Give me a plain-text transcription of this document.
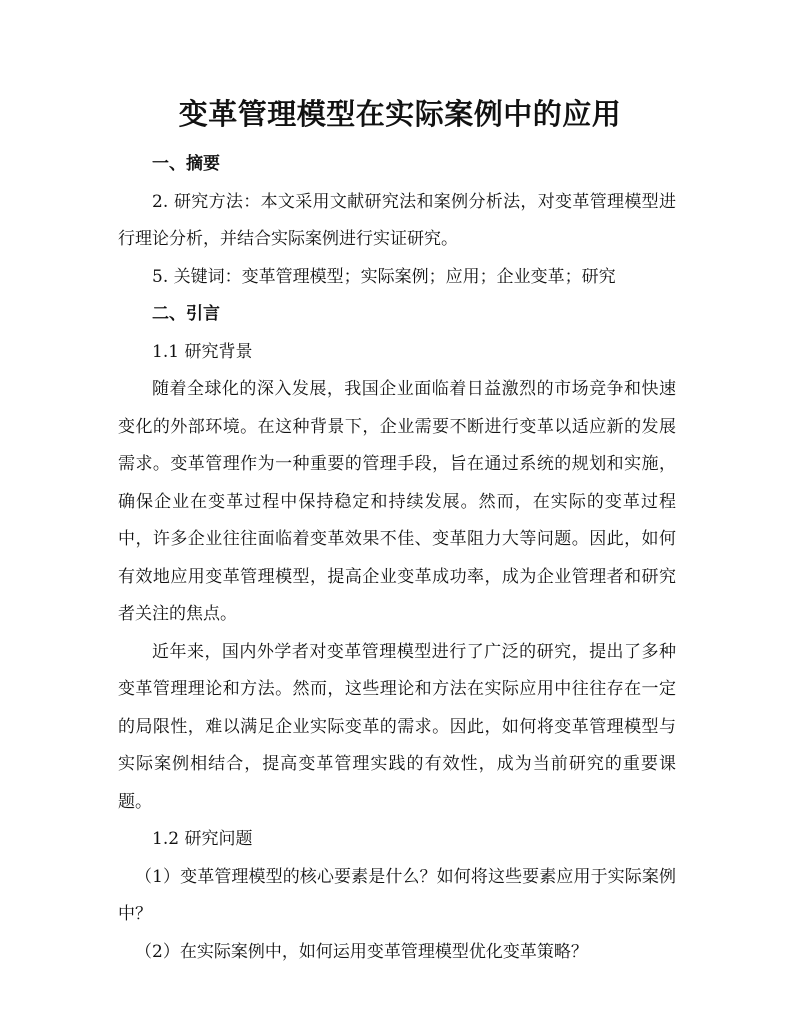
变革管理模型在实际案例中的应用

一、摘要

2. 研究方法：本文采用文献研究法和案例分析法，对变革管理模型进行理论分析，并结合实际案例进行实证研究。

5. 关键词：变革管理模型；实际案例；应用；企业变革；研究

二、引言

1.1 研究背景

随着全球化的深入发展，我国企业面临着日益激烈的市场竞争和快速变化的外部环境。在这种背景下，企业需要不断进行变革以适应新的发展需求。变革管理作为一种重要的管理手段，旨在通过系统的规划和实施，确保企业在变革过程中保持稳定和持续发展。然而，在实际的变革过程中，许多企业往往面临着变革效果不佳、变革阻力大等问题。因此，如何有效地应用变革管理模型，提高企业变革成功率，成为企业管理者和研究者关注的焦点。

近年来，国内外学者对变革管理模型进行了广泛的研究，提出了多种变革管理理论和方法。然而，这些理论和方法在实际应用中往往存在一定的局限性，难以满足企业实际变革的需求。因此，如何将变革管理模型与实际案例相结合，提高变革管理实践的有效性，成为当前研究的重要课题。

1.2 研究问题

（1）变革管理模型的核心要素是什么？如何将这些要素应用于实际案例中？

（2）在实际案例中，如何运用变革管理模型优化变革策略？
